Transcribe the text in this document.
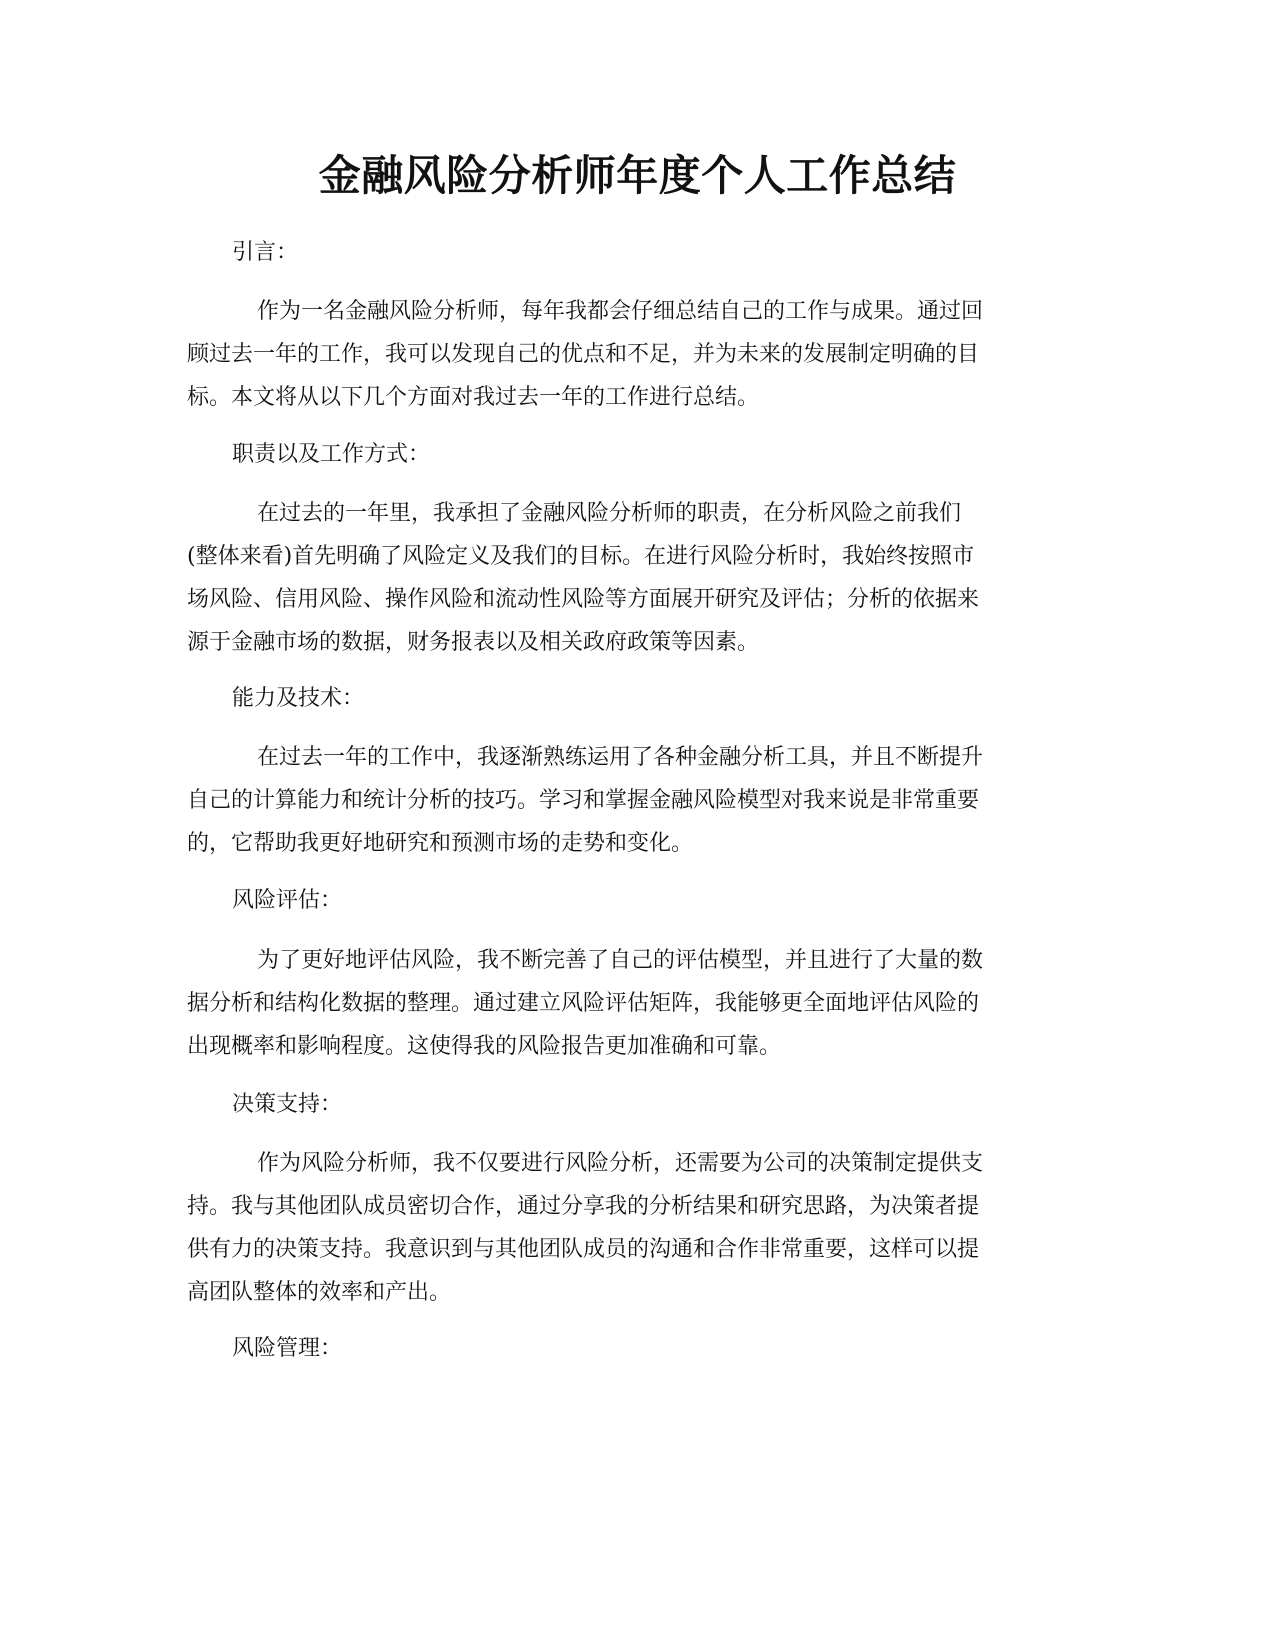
金融风险分析师年度个人工作总结
引言：
作为一名金融风险分析师，每年我都会仔细总结自己的工作与成果。通过回
顾过去一年的工作，我可以发现自己的优点和不足，并为未来的发展制定明确的目
标。本文将从以下几个方面对我过去一年的工作进行总结。
职责以及工作方式：
在过去的一年里，我承担了金融风险分析师的职责，在分析风险之前我们
(整体来看)首先明确了风险定义及我们的目标。在进行风险分析时，我始终按照市
场风险、信用风险、操作风险和流动性风险等方面展开研究及评估；分析的依据来
源于金融市场的数据，财务报表以及相关政府政策等因素。
能力及技术：
在过去一年的工作中，我逐渐熟练运用了各种金融分析工具，并且不断提升
自己的计算能力和统计分析的技巧。学习和掌握金融风险模型对我来说是非常重要
的，它帮助我更好地研究和预测市场的走势和变化。
风险评估：
为了更好地评估风险，我不断完善了自己的评估模型，并且进行了大量的数
据分析和结构化数据的整理。通过建立风险评估矩阵，我能够更全面地评估风险的
出现概率和影响程度。这使得我的风险报告更加准确和可靠。
决策支持：
作为风险分析师，我不仅要进行风险分析，还需要为公司的决策制定提供支
持。我与其他团队成员密切合作，通过分享我的分析结果和研究思路，为决策者提
供有力的决策支持。我意识到与其他团队成员的沟通和合作非常重要，这样可以提
高团队整体的效率和产出。
风险管理：
